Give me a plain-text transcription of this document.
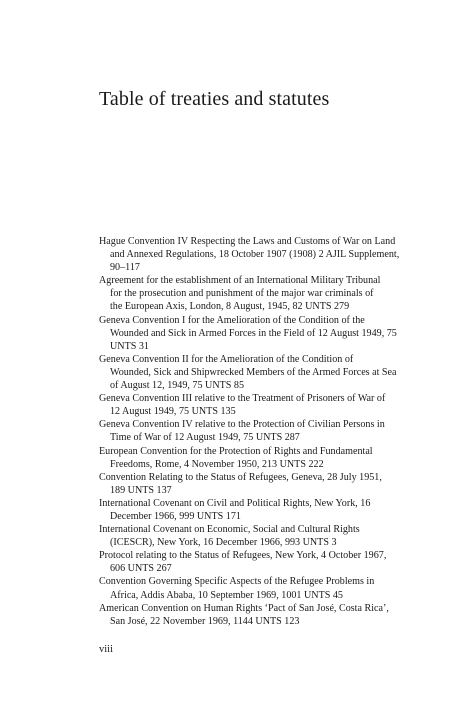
Table of treaties and statutes
Hague Convention IV Respecting the Laws and Customs of War on Land
and Annexed Regulations, 18 October 1907 (1908) 2 AJIL Supplement,
90–117
Agreement for the establishment of an International Military Tribunal
for the prosecution and punishment of the major war criminals of
the European Axis, London, 8 August, 1945, 82 UNTS 279
Geneva Convention I for the Amelioration of the Condition of the
Wounded and Sick in Armed Forces in the Field of 12 August 1949, 75
UNTS 31
Geneva Convention II for the Amelioration of the Condition of
Wounded, Sick and Shipwrecked Members of the Armed Forces at Sea
of August 12, 1949, 75 UNTS 85
Geneva Convention III relative to the Treatment of Prisoners of War of
12 August 1949, 75 UNTS 135
Geneva Convention IV relative to the Protection of Civilian Persons in
Time of War of 12 August 1949, 75 UNTS 287
European Convention for the Protection of Rights and Fundamental
Freedoms, Rome, 4 November 1950, 213 UNTS 222
Convention Relating to the Status of Refugees, Geneva, 28 July 1951,
189 UNTS 137
International Covenant on Civil and Political Rights, New York, 16
December 1966, 999 UNTS 171
International Covenant on Economic, Social and Cultural Rights
(ICESCR), New York, 16 December 1966, 993 UNTS 3
Protocol relating to the Status of Refugees, New York, 4 October 1967,
606 UNTS 267
Convention Governing Specific Aspects of the Refugee Problems in
Africa, Addis Ababa, 10 September 1969, 1001 UNTS 45
American Convention on Human Rights ‘Pact of San José, Costa Rica’,
San José, 22 November 1969, 1144 UNTS 123
viii
